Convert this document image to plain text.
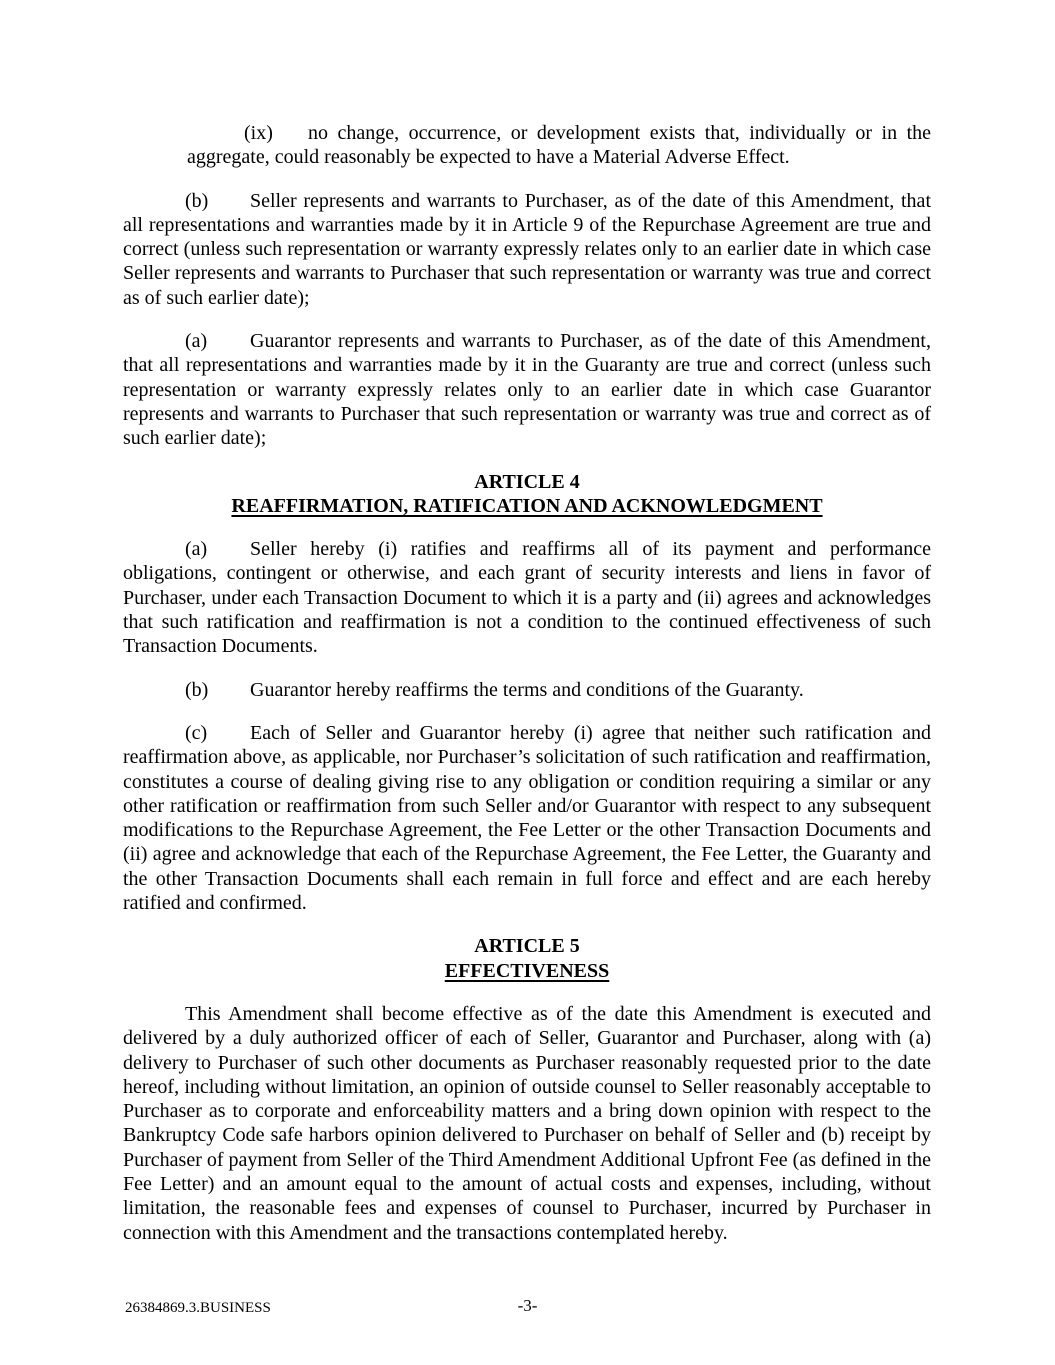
(ix) no change, occurrence, or development exists that, individually or in the aggregate, could reasonably be expected to have a Material Adverse Effect.

(b) Seller represents and warrants to Purchaser, as of the date of this Amendment, that all representations and warranties made by it in Article 9 of the Repurchase Agreement are true and correct (unless such representation or warranty expressly relates only to an earlier date in which case Seller represents and warrants to Purchaser that such representation or warranty was true and correct as of such earlier date);

(a) Guarantor represents and warrants to Purchaser, as of the date of this Amendment, that all representations and warranties made by it in the Guaranty are true and correct (unless such representation or warranty expressly relates only to an earlier date in which case Guarantor represents and warrants to Purchaser that such representation or warranty was true and correct as of such earlier date);

ARTICLE 4
REAFFIRMATION, RATIFICATION AND ACKNOWLEDGMENT

(a) Seller hereby (i) ratifies and reaffirms all of its payment and performance obligations, contingent or otherwise, and each grant of security interests and liens in favor of Purchaser, under each Transaction Document to which it is a party and (ii) agrees and acknowledges that such ratification and reaffirmation is not a condition to the continued effectiveness of such Transaction Documents.

(b) Guarantor hereby reaffirms the terms and conditions of the Guaranty.

(c) Each of Seller and Guarantor hereby (i) agree that neither such ratification and reaffirmation above, as applicable, nor Purchaser’s solicitation of such ratification and reaffirmation, constitutes a course of dealing giving rise to any obligation or condition requiring a similar or any other ratification or reaffirmation from such Seller and/or Guarantor with respect to any subsequent modifications to the Repurchase Agreement, the Fee Letter or the other Transaction Documents and (ii) agree and acknowledge that each of the Repurchase Agreement, the Fee Letter, the Guaranty and the other Transaction Documents shall each remain in full force and effect and are each hereby ratified and confirmed.

ARTICLE 5
EFFECTIVENESS

This Amendment shall become effective as of the date this Amendment is executed and delivered by a duly authorized officer of each of Seller, Guarantor and Purchaser, along with (a) delivery to Purchaser of such other documents as Purchaser reasonably requested prior to the date hereof, including without limitation, an opinion of outside counsel to Seller reasonably acceptable to Purchaser as to corporate and enforceability matters and a bring down opinion with respect to the Bankruptcy Code safe harbors opinion delivered to Purchaser on behalf of Seller and (b) receipt by Purchaser of payment from Seller of the Third Amendment Additional Upfront Fee (as defined in the Fee Letter) and an amount equal to the amount of actual costs and expenses, including, without limitation, the reasonable fees and expenses of counsel to Purchaser, incurred by Purchaser in connection with this Amendment and the transactions contemplated hereby.

26384869.3.BUSINESS	-3-
